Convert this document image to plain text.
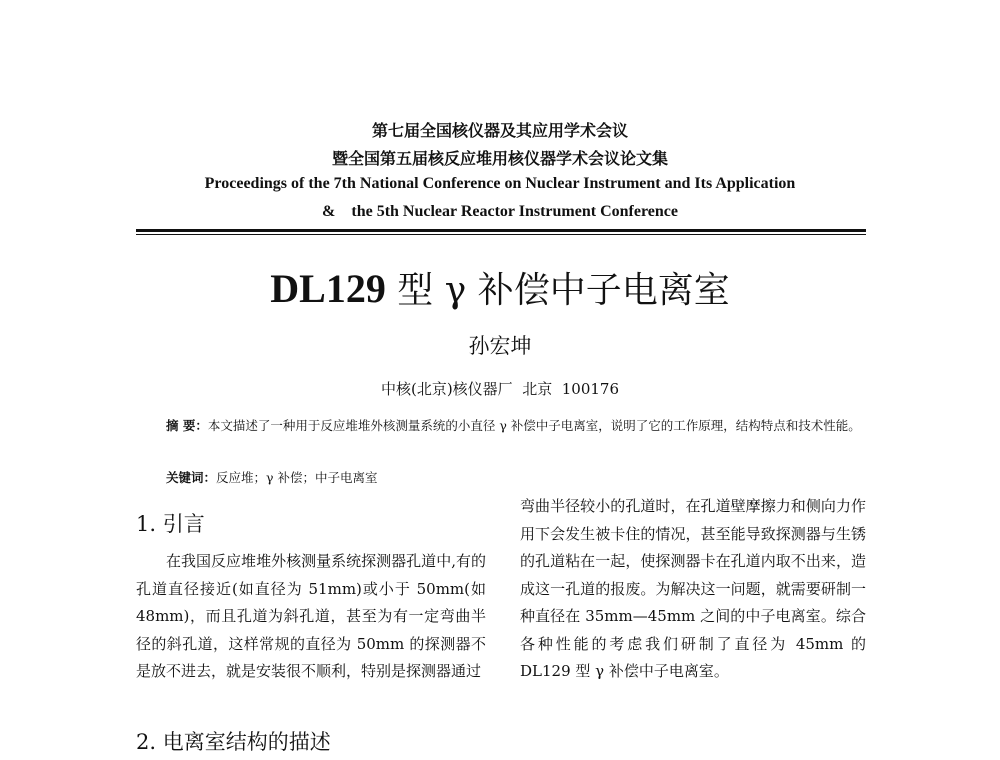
第七届全国核仪器及其应用学术会议
暨全国第五届核反应堆用核仪器学术会议论文集
Proceedings of the 7th National Conference on Nuclear Instrument and Its Application
&    the 5th Nuclear Reactor Instrument Conference
DL129 型 γ 补偿中子电离室
孙宏坤
中核(北京)核仪器厂  北京  100176
摘 要：本文描述了一种用于反应堆堆外核测量系统的小直径 γ 补偿中子电离室，说明了它的工作原理，结构特点和技术性能。
关键词：反应堆；γ 补偿；中子电离室
1. 引言
在我国反应堆堆外核测量系统探测器孔道中,有的孔道直径接近(如直径为 51mm)或小于 50mm(如 48mm)，而且孔道为斜孔道，甚至为有一定弯曲半径的斜孔道，这样常规的直径为 50mm 的探测器不是放不进去，就是安装很不顺利，特别是探测器通过
弯曲半径较小的孔道时，在孔道壁摩擦力和侧向力作用下会发生被卡住的情况，甚至能导致探测器与生锈的孔道粘在一起，使探测器卡在孔道内取不出来，造成这一孔道的报废。为解决这一问题，就需要研制一种直径在 35mm—45mm 之间的中子电离室。综合各种性能的考虑我们研制了直径为 45mm 的 DL129 型 γ 补偿中子电离室。
2. 电离室结构的描述
